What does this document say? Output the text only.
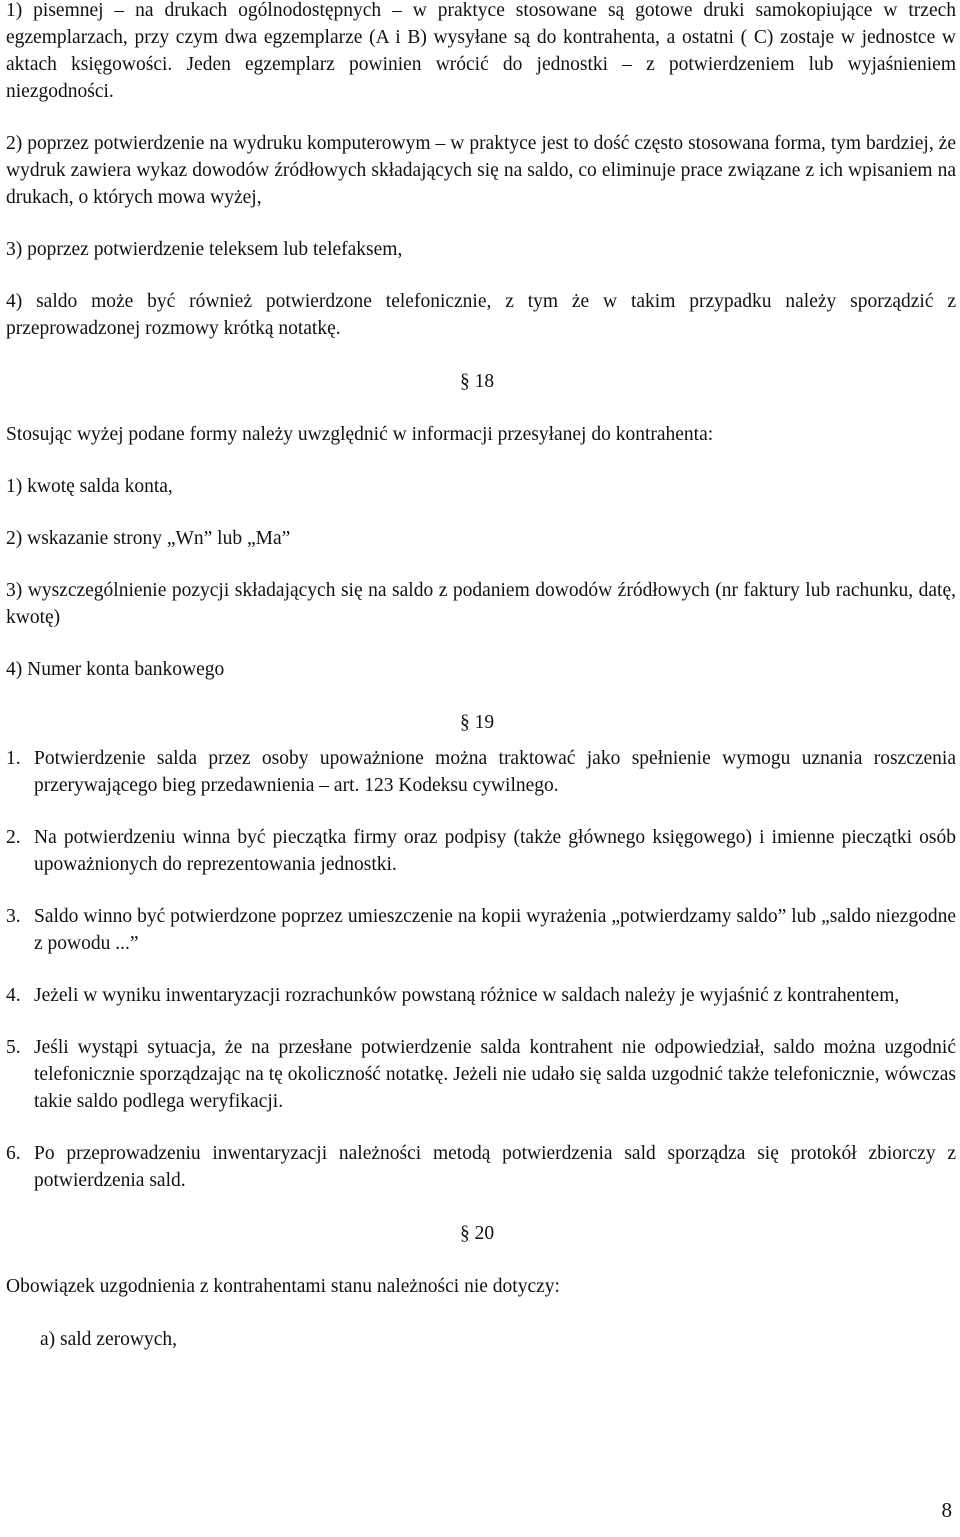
1) pisemnej – na drukach ogólnodostępnych – w praktyce stosowane są gotowe druki samokopiujące w trzech egzemplarzach, przy czym dwa egzemplarze (A i B) wysyłane są do kontrahenta, a ostatni ( C) zostaje w jednostce w aktach księgowości. Jeden egzemplarz powinien wrócić do jednostki – z potwierdzeniem lub wyjaśnieniem niezgodności.

2) poprzez potwierdzenie na wydruku komputerowym – w praktyce jest to dość często stosowana forma, tym bardziej, że wydruk zawiera wykaz dowodów źródłowych składających się na saldo, co eliminuje prace związane z ich wpisaniem na drukach, o których mowa wyżej,

3) poprzez potwierdzenie teleksem lub telefaksem,

4) saldo może być również potwierdzone telefonicznie, z tym że w takim przypadku należy sporządzić z przeprowadzonej rozmowy krótką notatkę.

§ 18

Stosując wyżej podane formy należy uwzględnić w informacji przesyłanej do kontrahenta:

1) kwotę salda konta,

2) wskazanie strony „Wn” lub „Ma”

3) wyszczególnienie pozycji składających się na saldo z podaniem dowodów źródłowych (nr faktury lub rachunku, datę, kwotę)

4) Numer konta bankowego

§ 19

1. Potwierdzenie salda przez osoby upoważnione można traktować jako spełnienie wymogu uznania roszczenia przerywającego bieg przedawnienia – art. 123 Kodeksu cywilnego.
2. Na potwierdzeniu winna być pieczątka firmy oraz podpisy (także głównego księgowego) i imienne pieczątki osób upoważnionych do reprezentowania jednostki.
3. Saldo winno być potwierdzone poprzez umieszczenie na kopii wyrażenia „potwierdzamy saldo” lub „saldo niezgodne z powodu ...”
4. Jeżeli w wyniku inwentaryzacji rozrachunków powstaną różnice w saldach należy je wyjaśnić z kontrahentem,
5. Jeśli wystąpi sytuacja, że na przesłane potwierdzenie salda kontrahent nie odpowiedział, saldo można uzgodnić telefonicznie sporządzając na tę okoliczność notatkę. Jeżeli nie udało się salda uzgodnić także telefonicznie, wówczas takie saldo podlega weryfikacji.
6. Po przeprowadzeniu inwentaryzacji należności metodą potwierdzenia sald sporządza się protokół zbiorczy z potwierdzenia sald.

§ 20

Obowiązek uzgodnienia z kontrahentami stanu należności nie dotyczy:

a) sald zerowych,

8
